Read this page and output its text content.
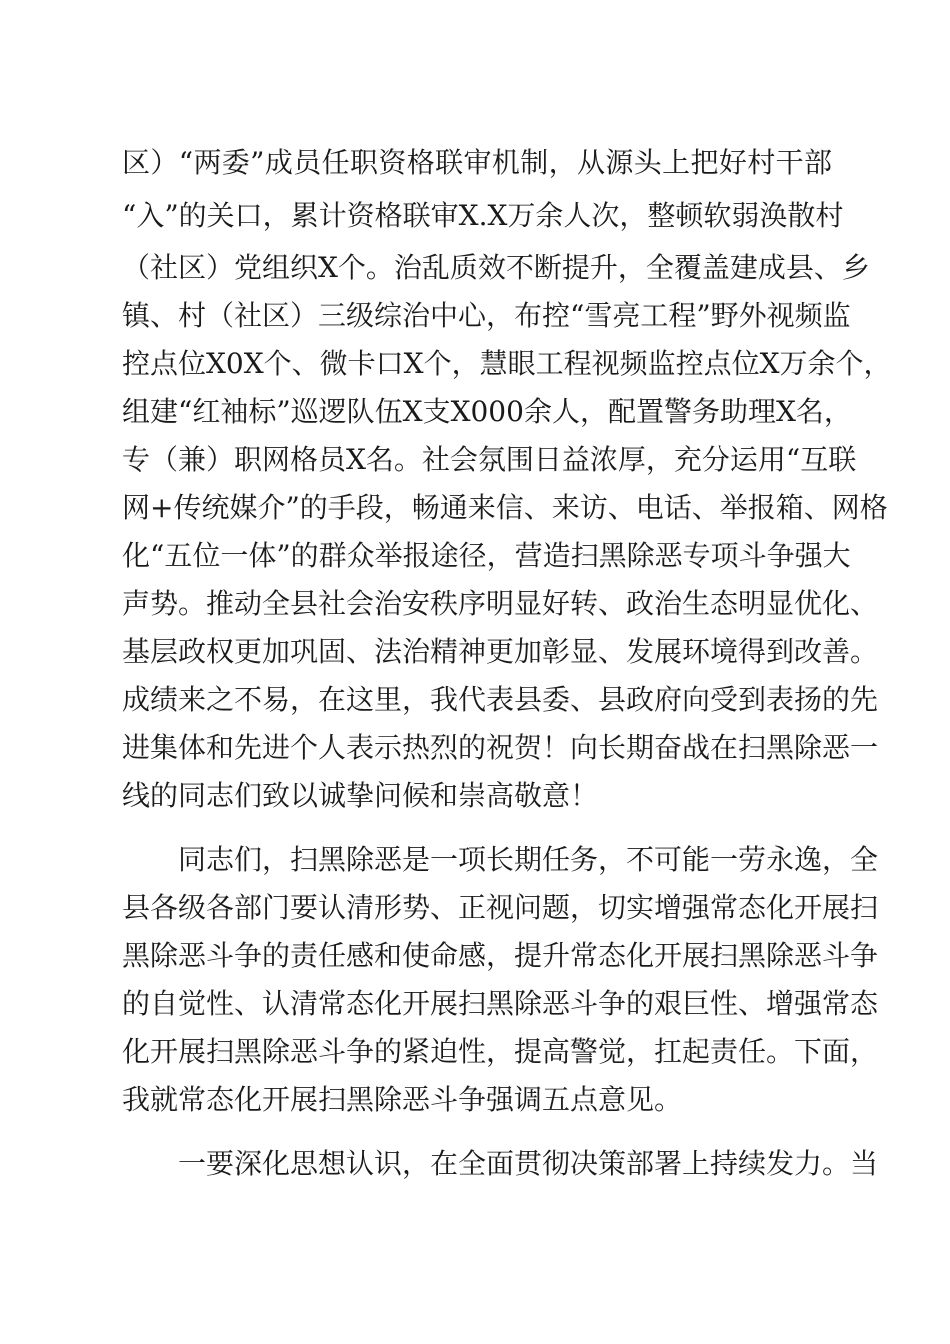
区）“两委”成员任职资格联审机制，从源头上把好村干部
“入”的关口，累计资格联审X.X万余人次，整顿软弱涣散村
（社区）党组织X个。治乱质效不断提升，全覆盖建成县、乡
镇、村（社区）三级综治中心，布控“雪亮工程”野外视频监
控点位X0X个、微卡口X个，慧眼工程视频监控点位X万余个，
组建“红袖标”巡逻队伍X支X000余人，配置警务助理X名，
专（兼）职网格员X名。社会氛围日益浓厚，充分运用“互联
网+传统媒介”的手段，畅通来信、来访、电话、举报箱、网格
化“五位一体”的群众举报途径，营造扫黑除恶专项斗争强大
声势。推动全县社会治安秩序明显好转、政治生态明显优化、
基层政权更加巩固、法治精神更加彰显、发展环境得到改善。
成绩来之不易，在这里，我代表县委、县政府向受到表扬的先
进集体和先进个人表示热烈的祝贺！向长期奋战在扫黑除恶一
线的同志们致以诚挚问候和崇高敬意！
同志们，扫黑除恶是一项长期任务，不可能一劳永逸，全
县各级各部门要认清形势、正视问题，切实增强常态化开展扫
黑除恶斗争的责任感和使命感，提升常态化开展扫黑除恶斗争
的自觉性、认清常态化开展扫黑除恶斗争的艰巨性、增强常态
化开展扫黑除恶斗争的紧迫性，提高警觉，扛起责任。下面，
我就常态化开展扫黑除恶斗争强调五点意见。
一要深化思想认识，在全面贯彻决策部署上持续发力。当
